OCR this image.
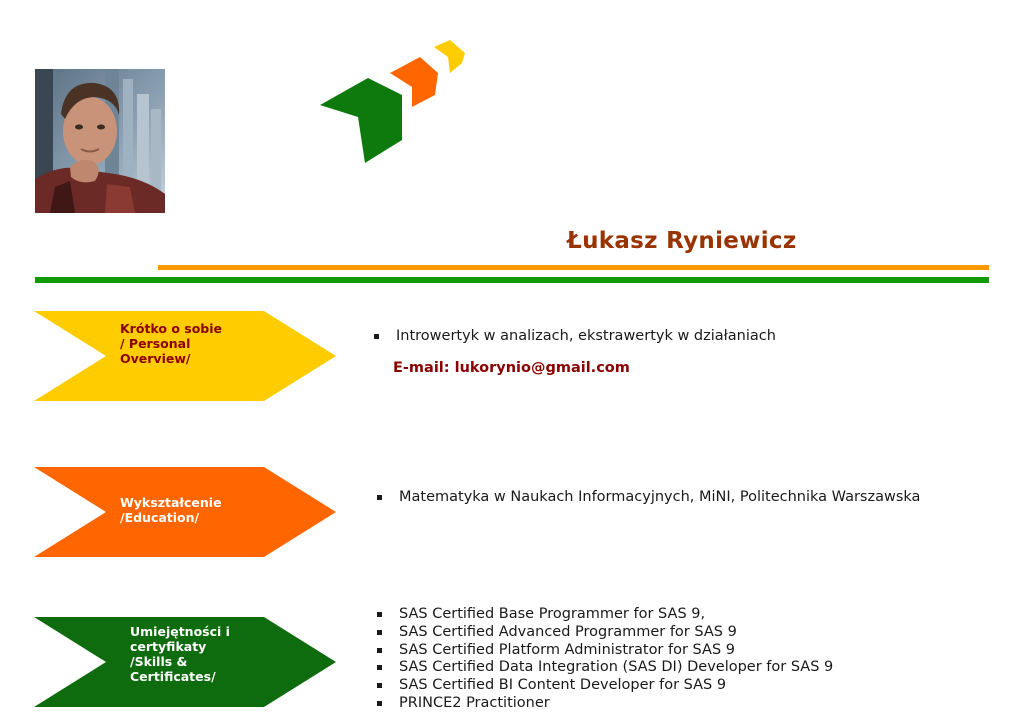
Łukasz Ryniewicz
Krótko o sobie
/ Personal
Overview/
Introwertyk w analizach, ekstrawertyk w działaniach
E-mail: lukorynio@gmail.com
Wykształcenie
/Education/
Matematyka w Naukach Informacyjnych, MiNI, Politechnika Warszawska
Umiejętności i
certyfikaty
/Skills &
Certificates/
SAS Certified Base Programmer for SAS 9,
SAS Certified Advanced Programmer for SAS 9
SAS Certified Platform Administrator for SAS 9
SAS Certified Data Integration (SAS DI) Developer for SAS 9
SAS Certified BI Content Developer for SAS 9
PRINCE2 Practitioner
